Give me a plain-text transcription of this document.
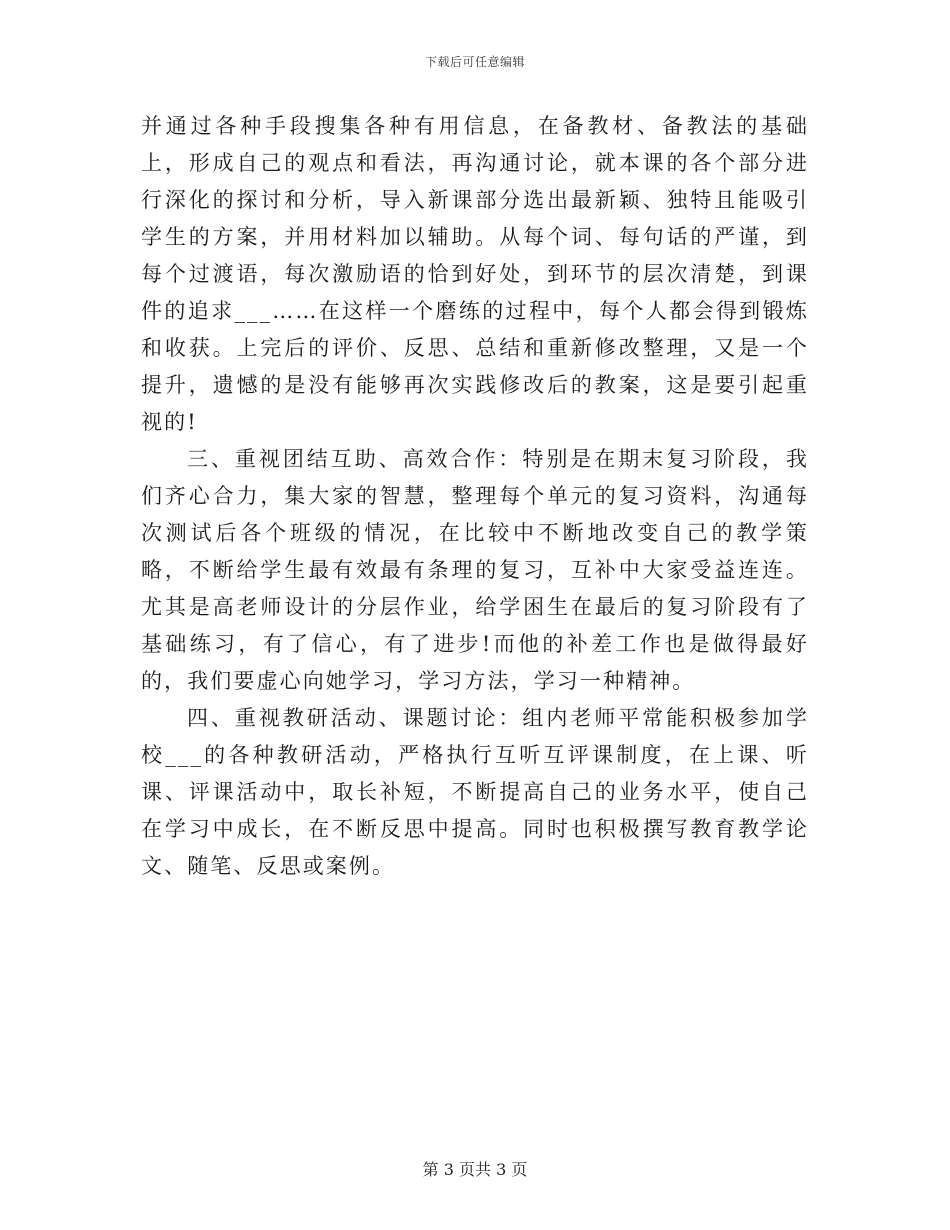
下载后可任意编辑

并通过各种手段搜集各种有用信息，在备教材、备教法的基础上，形成自己的观点和看法，再沟通讨论，就本课的各个部分进行深化的探讨和分析，导入新课部分选出最新颖、独特且能吸引学生的方案，并用材料加以辅助。从每个词、每句话的严谨，到每个过渡语，每次激励语的恰到好处，到环节的层次清楚，到课件的追求___……在这样一个磨练的过程中，每个人都会得到锻炼和收获。上完后的评价、反思、总结和重新修改整理，又是一个提升，遗憾的是没有能够再次实践修改后的教案，这是要引起重视的!

三、重视团结互助、高效合作：特别是在期末复习阶段，我们齐心合力，集大家的智慧，整理每个单元的复习资料，沟通每次测试后各个班级的情况，在比较中不断地改变自己的教学策略，不断给学生最有效最有条理的复习，互补中大家受益连连。尤其是高老师设计的分层作业，给学困生在最后的复习阶段有了基础练习，有了信心，有了进步!而他的补差工作也是做得最好的，我们要虚心向她学习，学习方法，学习一种精神。

四、重视教研活动、课题讨论：组内老师平常能积极参加学校___的各种教研活动，严格执行互听互评课制度，在上课、听课、评课活动中，取长补短，不断提高自己的业务水平，使自己在学习中成长，在不断反思中提高。同时也积极撰写教育教学论文、随笔、反思或案例。

第 3 页共 3 页
